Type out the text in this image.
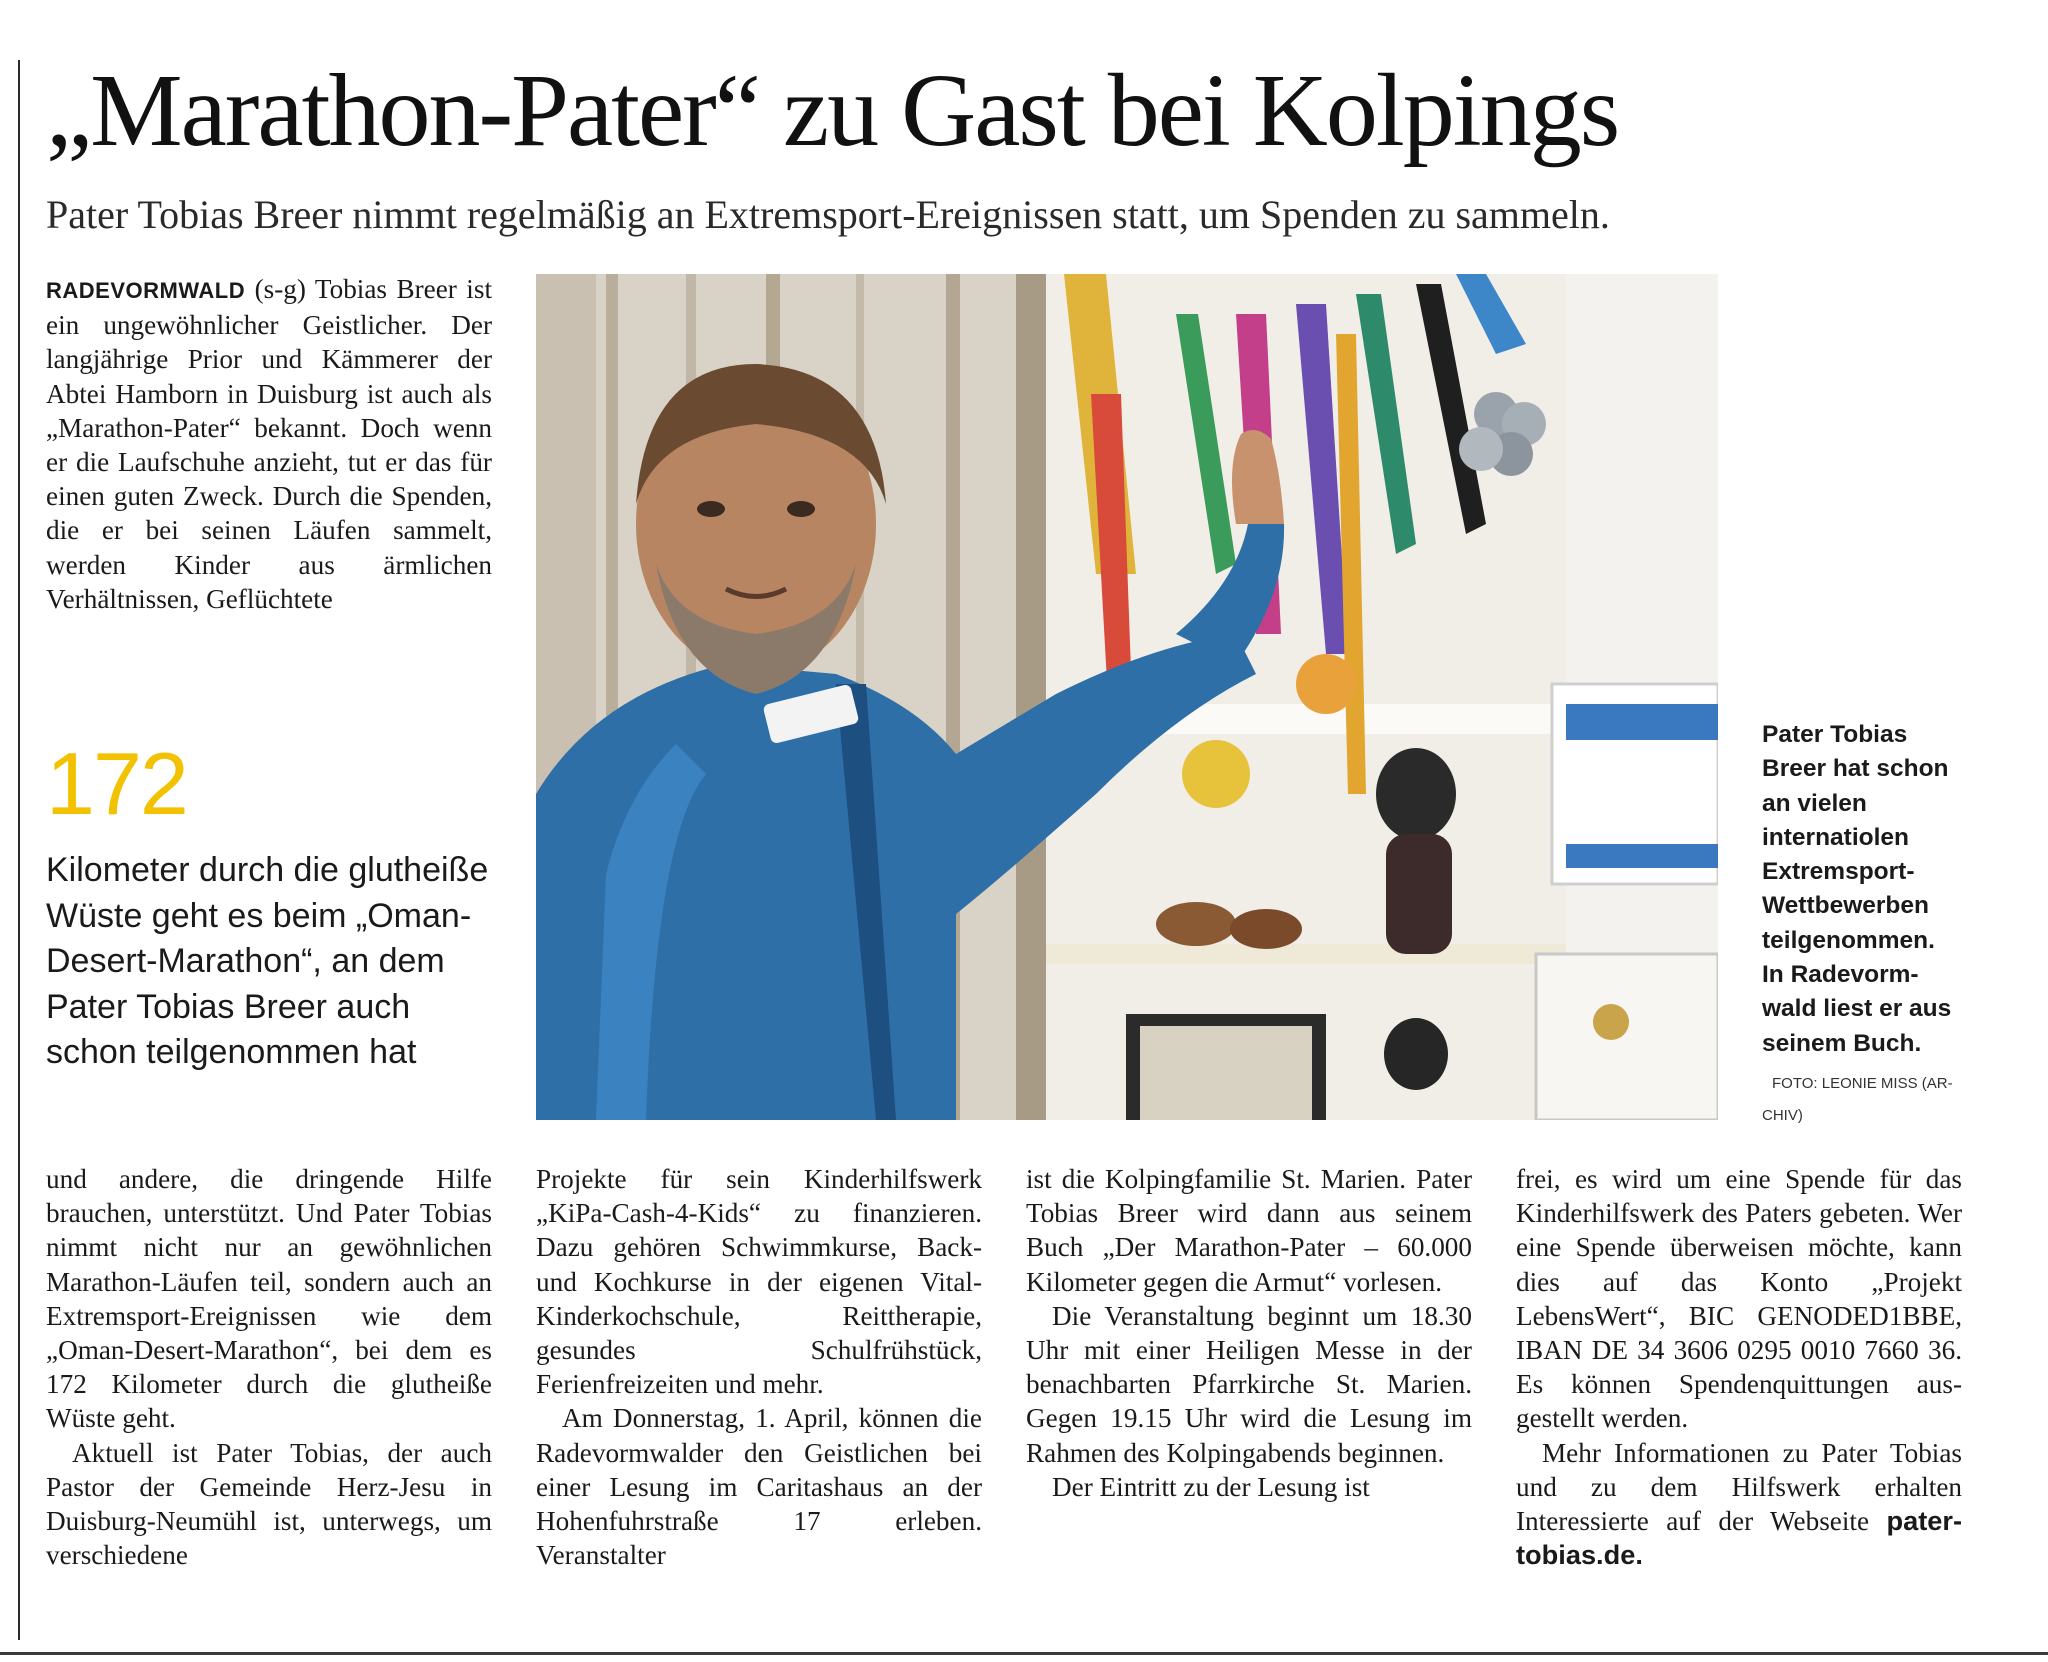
„Marathon-Pater“ zu Gast bei Kolpings
Pater Tobias Breer nimmt regelmäßig an Extremsport-Ereignissen statt, um Spenden zu sammeln.

RADEVORMWALD (s-g) Tobias Breer ist ein ungewöhnlicher Geistlicher. Der langjährige Prior und Kämmerer der Abtei Hamborn in Duisburg ist auch als „Marathon-Pater“ bekannt. Doch wenn er die Laufschuhe anzieht, tut er das für einen guten Zweck. Durch die Spenden, die er bei seinen Läufen sammelt, werden Kinder aus ärmlichen Verhältnissen, Geflüchtete

172
Kilometer durch die glutheiße Wüste geht es beim „Oman-Desert-Marathon“, an dem Pater Tobias Breer auch schon teilgenommen hat
Pater Tobias Breer hat schon an vielen internatiolen Extremsport-Wettbewerben teilgenommen. In Radevormwald liest er aus seinem Buch.
FOTO: LEONIE MISS (ARCHIV)

und andere, die dringende Hilfe brauchen, unterstützt. Und Pater Tobias nimmt nicht nur an gewöhnlichen Marathon-Läufen teil, sondern auch an Extremsport-Ereignissen wie dem „Oman-Desert-Marathon“, bei dem es 172 Kilometer durch die glutheiße Wüste geht.

Aktuell ist Pater Tobias, der auch Pastor der Gemeinde Herz-Jesu in Duisburg-Neumühl ist, unterwegs, um verschiedene

Projekte für sein Kinderhilfswerk „KiPa-Cash-4-Kids“ zu finanzieren. Dazu gehören Schwimmkurse, Back- und Kochkurse in der eigenen Vital-Kinderkochschule, Reittherapie, gesundes Schulfrühstück, Ferienfreizeiten und mehr.

Am Donnerstag, 1. April, können die Radevormwalder den Geistlichen bei einer Lesung im Caritashaus an der Hohenfuhrstraße 17 erleben. Veranstalter

ist die Kolpingfamilie St. Marien. Pater Tobias Breer wird dann aus seinem Buch „Der Marathon-Pater – 60.000 Kilometer gegen die Armut“ vorlesen.

Die Veranstaltung beginnt um 18.30 Uhr mit einer Heiligen Messe in der benachbarten Pfarrkirche St. Marien. Gegen 19.15 Uhr wird die Lesung im Rahmen des Kolpingabends beginnen.

Der Eintritt zu der Lesung ist

frei, es wird um eine Spende für das Kinderhilfswerk des Paters gebeten. Wer eine Spende überweisen möchte, kann dies auf das Konto „Projekt LebensWert“, BIC GENODED1BBE, IBAN DE 34 3606 0295 0010 7660 36. Es können Spendenquittungen ausgestellt werden.

Mehr Informationen zu Pater Tobias und zu dem Hilfswerk erhalten Interessierte auf der Webseite pater-tobias.de.
